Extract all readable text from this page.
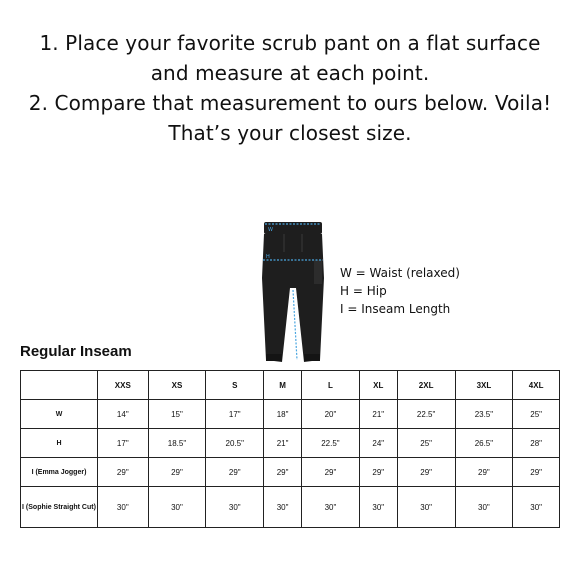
1. Place your favorite scrub pant on a flat surface
and measure at each point.
2. Compare that measurement to ours below. Voila!
That’s your closest size.
W
H
W = Waist (relaxed)
H = Hip
I = Inseam Length
Regular Inseam
	XXS	XS	S	M	L	XL	2XL	3XL	4XL
W	14"	15"	17"	18"	20"	21"	22.5"	23.5"	25"
H	17"	18.5"	20.5"	21"	22.5"	24"	25"	26.5"	28"
I (Emma Jogger)	29"	29"	29"	29"	29"	29"	29"	29"	29"
I (Sophie Straight Cut)	30"	30"	30"	30"	30"	30"	30"	30"	30"
